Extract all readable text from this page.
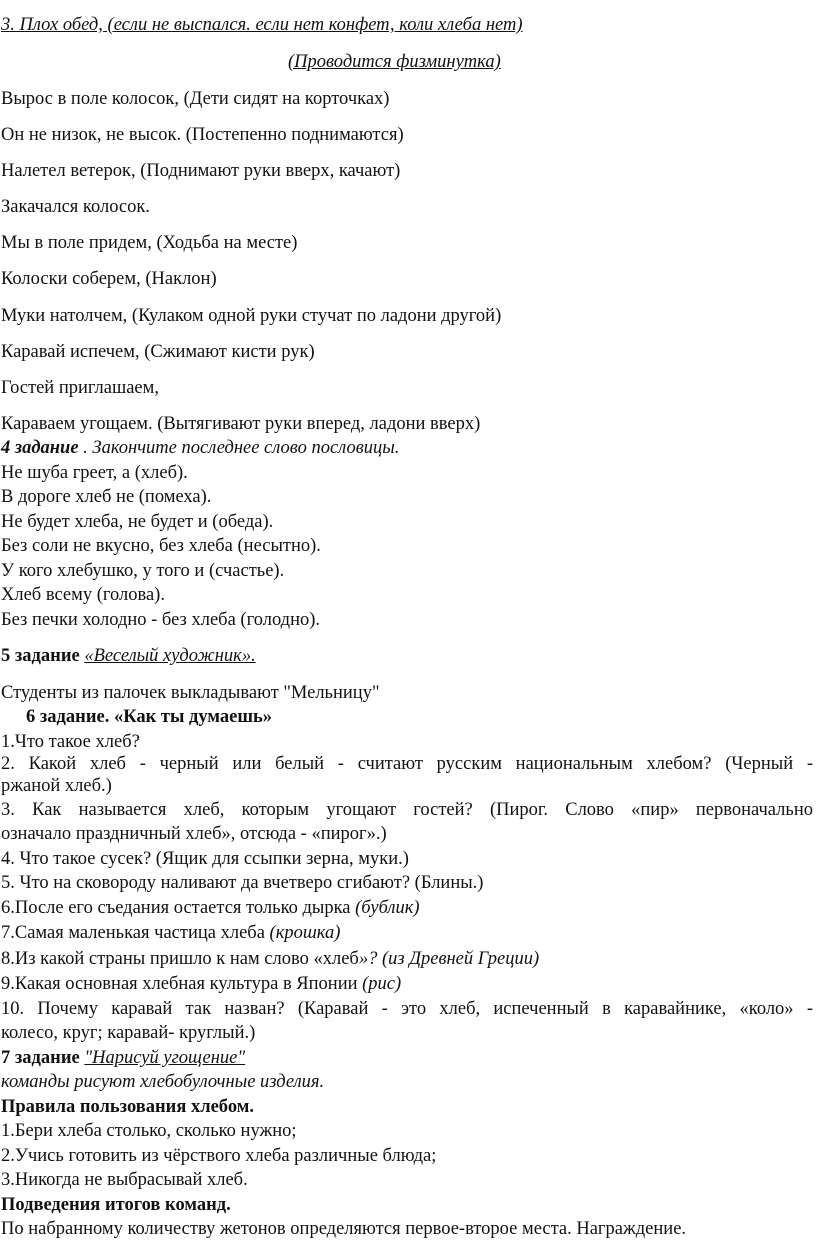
3. Плох обед, (если не выспался. если нет конфет, коли хлеба нет)
(Проводится физминутка)
Вырос в поле колосок, (Дети сидят на корточках)
Он не низок, не высок. (Постепенно поднимаются)
Налетел ветерок, (Поднимают руки вверх, качают)
Закачался колосок.
Мы в поле придем, (Ходьба на месте)
Колоски соберем, (Наклон)
Муки натолчем, (Кулаком одной руки стучат по ладони другой)
Каравай испечем, (Сжимают кисти рук)
Гостей приглашаем,
Караваем угощаем. (Вытягивают руки вперед, ладони вверх)
4 задание . Закончите последнее слово пословицы.
Не шуба греет, а (хлеб).
В дороге хлеб не (помеха).
Не будет хлеба, не будет и (обеда).
Без соли не вкусно, без хлеба (несытно).
У кого хлебушко, у того и (счастье).
Хлеб всему (голова).
Без печки холодно - без хлеба (голодно).
5 задание «Веселый художник».
Студенты из палочек выкладывают "Мельницу"
6 задание. «Как ты думаешь»
1.Что такое хлеб?
2. Какой хлеб - черный или белый - считают русским национальным хлебом? (Черный -
ржаной хлеб.)
3. Как называется хлеб, которым угощают гостей? (Пирог. Слово «пир» первоначально
означало праздничный хлеб», отсюда - «пирог».)
4. Что такое сусек? (Ящик для ссыпки зерна, муки.)
5. Что на сковороду наливают да вчетверо сгибают? (Блины.)
6.После его съедания остается только дырка (бублик)
7.Самая маленькая частица хлеба (крошка)
8.Из какой страны пришло к нам слово «хлеб»? (из Древней Греции)
9.Какая основная хлебная культура в Японии (рис)
10. Почему каравай так назван? (Каравай - это хлеб, испеченный в каравайнике, «коло» -
колесо, круг; каравай- круглый.)
7 задание "Нарисуй угощение"
команды рисуют хлебобулочные изделия.
Правила пользования хлебом.
1.Бери хлеба столько, сколько нужно;
2.Учись готовить из чёрствого хлеба различные блюда;
3.Никогда не выбрасывай хлеб.
Подведения итогов команд.
По набранному количеству жетонов определяются первое-второе места. Награждение.
